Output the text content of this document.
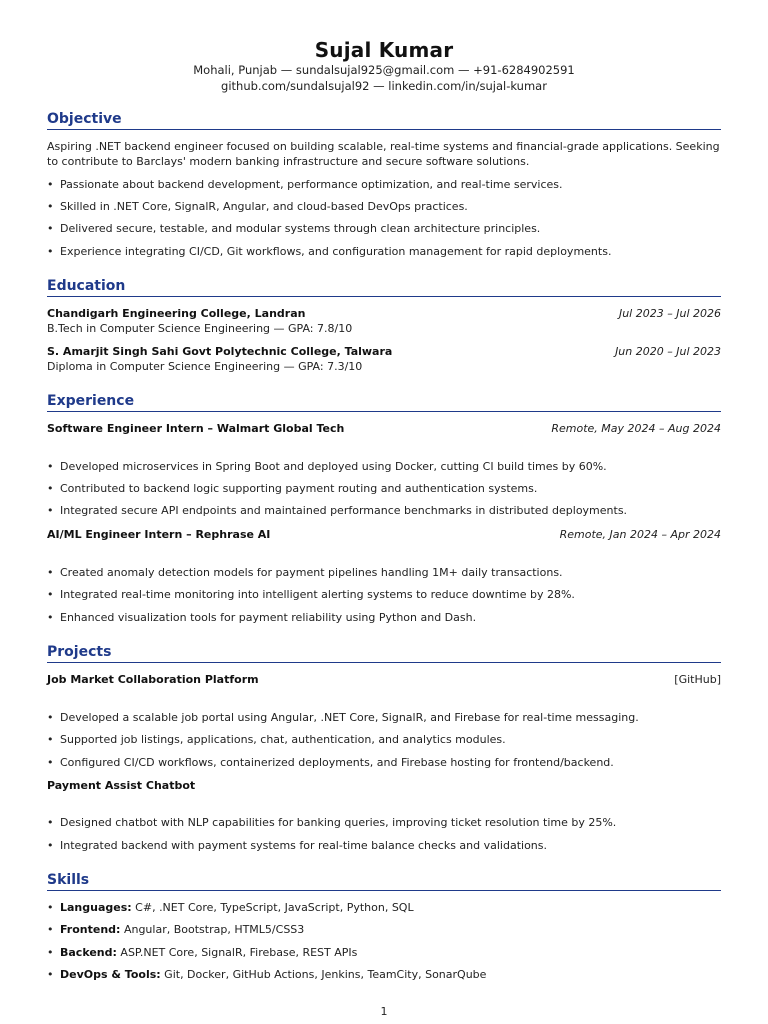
Sujal Kumar
Mohali, Punjab — sundalsujal925@gmail.com — +91-6284902591
github.com/sundalsujal92 — linkedin.com/in/sujal-kumar
Objective
Aspiring .NET backend engineer focused on building scalable, real-time systems and financial-grade applications. Seeking to contribute to Barclays' modern banking infrastructure and secure software solutions.
• Passionate about backend development, performance optimization, and real-time services.
• Skilled in .NET Core, SignalR, Angular, and cloud-based DevOps practices.
• Delivered secure, testable, and modular systems through clean architecture principles.
• Experience integrating CI/CD, Git workflows, and configuration management for rapid deployments.
Education
Chandigarh Engineering College, Landran	Jul 2023 – Jul 2026
B.Tech in Computer Science Engineering — GPA: 7.8/10
S. Amarjit Singh Sahi Govt Polytechnic College, Talwara	Jun 2020 – Jul 2023
Diploma in Computer Science Engineering — GPA: 7.3/10
Experience
Software Engineer Intern – Walmart Global Tech	Remote, May 2024 – Aug 2024
• Developed microservices in Spring Boot and deployed using Docker, cutting CI build times by 60%.
• Contributed to backend logic supporting payment routing and authentication systems.
• Integrated secure API endpoints and maintained performance benchmarks in distributed deployments.
AI/ML Engineer Intern – Rephrase AI	Remote, Jan 2024 – Apr 2024
• Created anomaly detection models for payment pipelines handling 1M+ daily transactions.
• Integrated real-time monitoring into intelligent alerting systems to reduce downtime by 28%.
• Enhanced visualization tools for payment reliability using Python and Dash.
Projects
Job Market Collaboration Platform	[GitHub]
• Developed a scalable job portal using Angular, .NET Core, SignalR, and Firebase for real-time messaging.
• Supported job listings, applications, chat, authentication, and analytics modules.
• Configured CI/CD workflows, containerized deployments, and Firebase hosting for frontend/backend.
Payment Assist Chatbot
• Designed chatbot with NLP capabilities for banking queries, improving ticket resolution time by 25%.
• Integrated backend with payment systems for real-time balance checks and validations.
Skills
• Languages: C#, .NET Core, TypeScript, JavaScript, Python, SQL
• Frontend: Angular, Bootstrap, HTML5/CSS3
• Backend: ASP.NET Core, SignalR, Firebase, REST APIs
• DevOps & Tools: Git, Docker, GitHub Actions, Jenkins, TeamCity, SonarQube
1
